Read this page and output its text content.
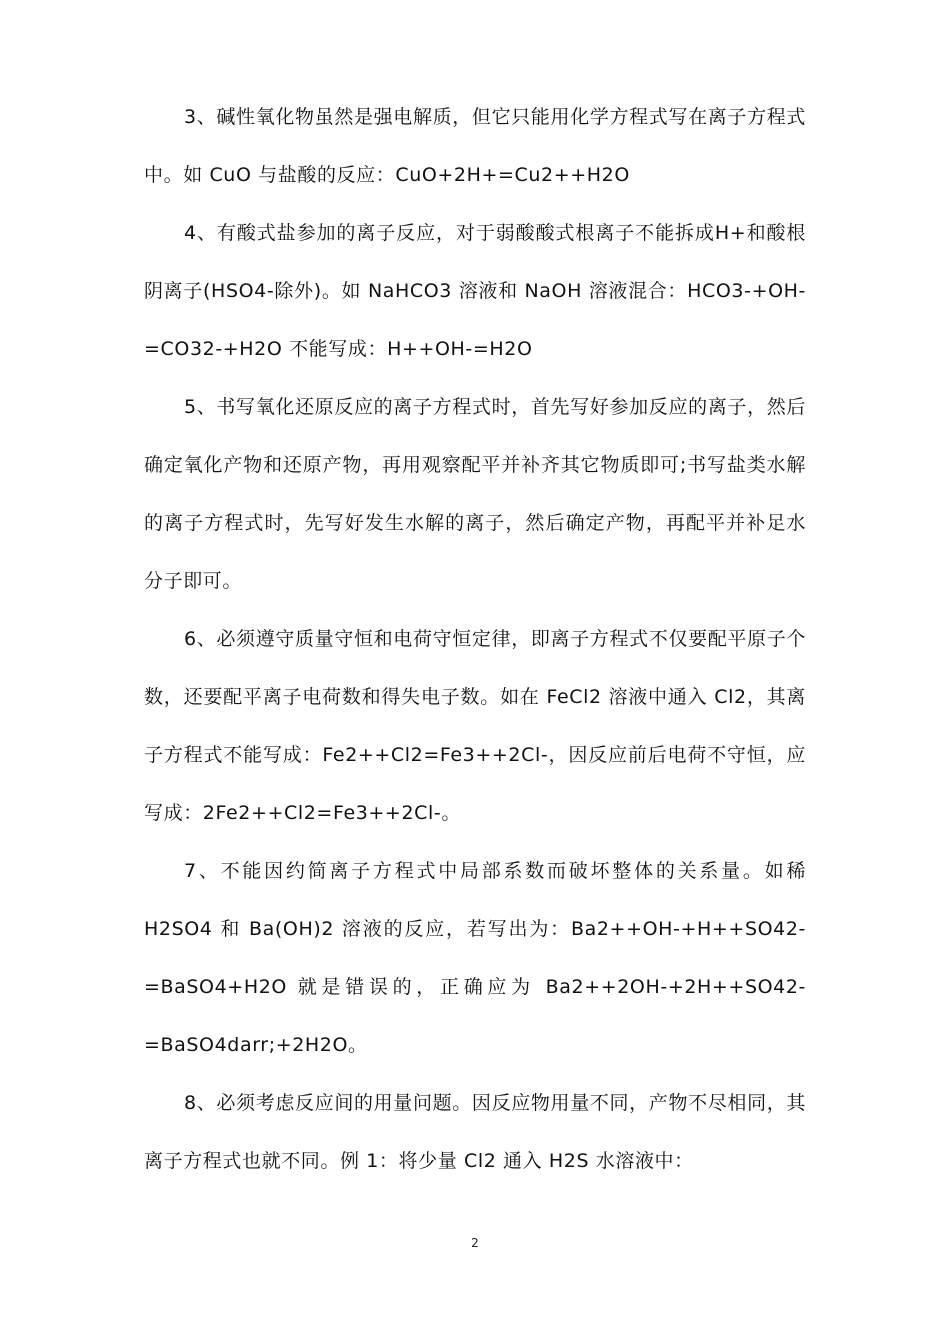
3、碱性氧化物虽然是强电解质，但它只能用化学方程式写在离子方程式中。如 CuO 与盐酸的反应：CuO+2H+=Cu2++H2O

4、有酸式盐参加的离子反应，对于弱酸酸式根离子不能拆成H+和酸根阴离子(HSO4-除外)。如 NaHCO3 溶液和 NaOH 溶液混合：HCO3-+OH-=CO32-+H2O 不能写成：H++OH-=H2O

5、书写氧化还原反应的离子方程式时，首先写好参加反应的离子，然后确定氧化产物和还原产物，再用观察配平并补齐其它物质即可;书写盐类水解的离子方程式时，先写好发生水解的离子，然后确定产物，再配平并补足水分子即可。

6、必须遵守质量守恒和电荷守恒定律，即离子方程式不仅要配平原子个数，还要配平离子电荷数和得失电子数。如在 FeCl2 溶液中通入 Cl2，其离子方程式不能写成：Fe2++Cl2=Fe3++2Cl-，因反应前后电荷不守恒，应写成：2Fe2++Cl2=Fe3++2Cl-。

7、不能因约简离子方程式中局部系数而破坏整体的关系量。如稀 H2SO4 和 Ba(OH)2 溶液的反应，若写出为：Ba2++OH-+H++SO42-=BaSO4+H2O 就是错误的，正确应为 Ba2++2OH-+2H++SO42-=BaSO4darr;+2H2O。

8、必须考虑反应间的用量问题。因反应物用量不同，产物不尽相同，其离子方程式也就不同。例 1：将少量 Cl2 通入 H2S 水溶液中：

2
